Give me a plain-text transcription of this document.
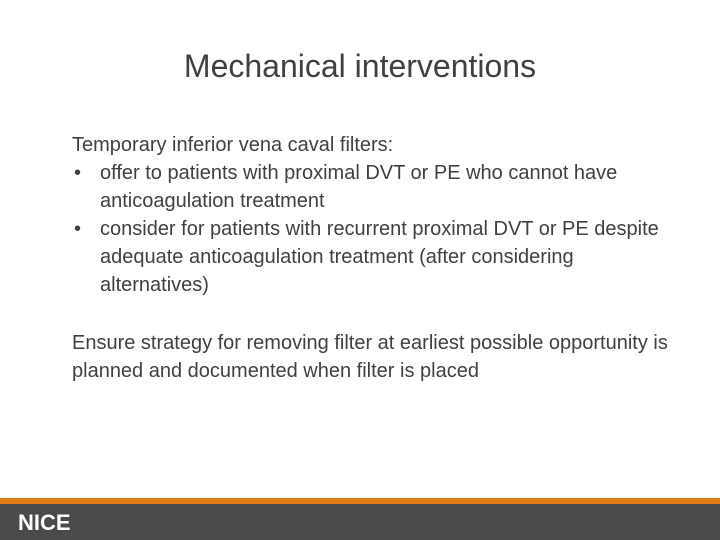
Mechanical interventions

Temporary inferior vena caval filters:

• offer to patients with proximal DVT or PE who cannot have anticoagulation treatment
• consider for patients with recurrent proximal DVT or PE despite adequate anticoagulation treatment (after considering alternatives)

Ensure strategy for removing filter at earliest possible opportunity is planned and documented when filter is placed

NICE
